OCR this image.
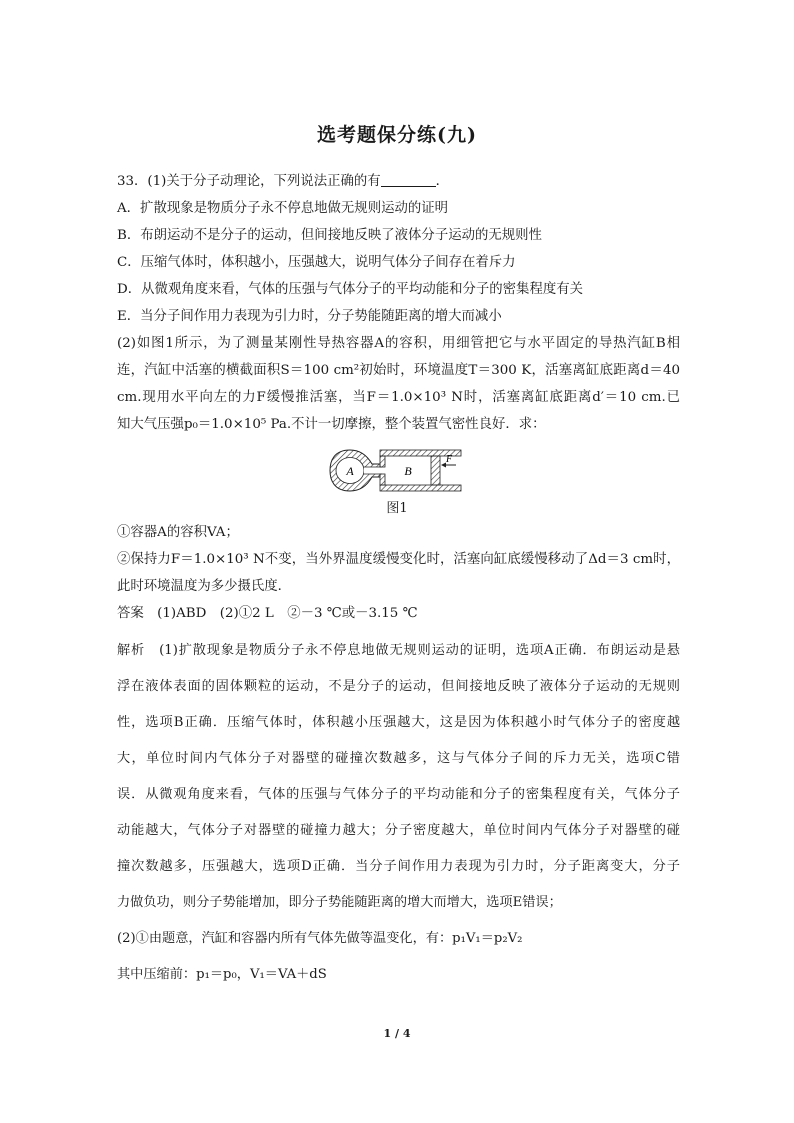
选考题保分练(九)
33．(1)关于分子动理论，下列说法正确的有	．
A．扩散现象是物质分子永不停息地做无规则运动的证明
B．布朗运动不是分子的运动，但间接地反映了液体分子运动的无规则性
C．压缩气体时，体积越小，压强越大，说明气体分子间存在着斥力
D．从微观角度来看，气体的压强与气体分子的平均动能和分子的密集程度有关
E．当分子间作用力表现为引力时，分子势能随距离的增大而减小
(2)如图1所示，为了测量某刚性导热容器A的容积，用细管把它与水平固定的导热汽缸B相
连，汽缸中活塞的横截面积S＝100 cm²初始时，环境温度T＝300 K，活塞离缸底距离d＝40
cm.现用水平向左的力F缓慢推活塞，当F＝1.0×10³ N时，活塞离缸底距离d′＝10 cm.已
知大气压强p₀＝1.0×10⁵ Pa.不计一切摩擦，整个装置气密性良好．求：
A	B
F
图1
①容器A的容积VA；
②保持力F＝1.0×10³ N不变，当外界温度缓慢变化时，活塞向缸底缓慢移动了Δd＝3 cm时，
此时环境温度为多少摄氏度．
答案　(1)ABD　(2)①2 L　②－3 ℃或－3.15 ℃
解析　(1)扩散现象是物质分子永不停息地做无规则运动的证明，选项A正确．布朗运动是悬
浮在液体表面的固体颗粒的运动，不是分子的运动，但间接地反映了液体分子运动的无规则
性，选项B正确．压缩气体时，体积越小压强越大，这是因为体积越小时气体分子的密度越
大，单位时间内气体分子对器壁的碰撞次数越多，这与气体分子间的斥力无关，选项C错
误．从微观角度来看，气体的压强与气体分子的平均动能和分子的密集程度有关，气体分子
动能越大，气体分子对器壁的碰撞力越大；分子密度越大，单位时间内气体分子对器壁的碰
撞次数越多，压强越大，选项D正确．当分子间作用力表现为引力时，分子距离变大，分子
力做负功，则分子势能增加，即分子势能随距离的增大而增大，选项E错误；
(2)①由题意，汽缸和容器内所有气体先做等温变化，有：p₁V₁＝p₂V₂
其中压缩前：p₁＝p₀，V₁＝VA＋dS
1 / 4
